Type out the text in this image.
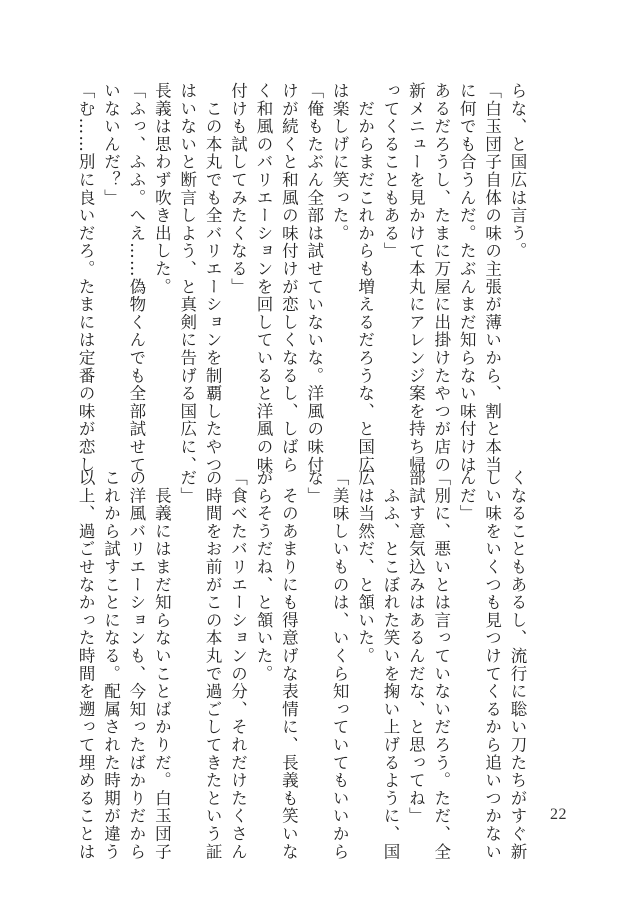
らな、と国広は言う。
「白玉団子自体の味の主張が薄いから、割と本当
に何でも合うんだ。たぶんまだ知らない味付けは
あるだろうし、たまに万屋に出掛けたやつが店の
新メニューを見かけて本丸にアレンジ案を持ち帰
ってくることもある」
　だからまだこれからも増えるだろうな、と国広
は楽しげに笑った。
「俺もたぶん全部は試せていないな。洋風の味付
けが続くと和風の味付けが恋しくなるし、しばら
く和風のバリエーションを回していると洋風の味
付けも試してみたくなる」
　この本丸でも全バリエーションを制覇したやつ
はいないと断言しよう、と真剣に告げる国広に、
長義は思わず吹き出した。
「ふっ、ふふ。へえ……偽物くんでも全部試せて
いないんだ？」
「む……別に良いだろ。たまには定番の味が恋し
くなることもあるし、流行に聡い刀たちがすぐ新
しい味をいくつも見つけてくるから追いつかない
んだ」
「別に、悪いとは言っていないだろう。ただ、全
部試す意気込みはあるんだな、と思ってね」
　ふふ、とこぼれた笑いを掬い上げるように、国
広は当然だ、と頷いた。
「美味しいものは、いくら知っていてもいいから
な」
　そのあまりにも得意げな表情に、長義も笑いな
がらそうだね、と頷いた。
「食べたバリエーションの分、それだけたくさん
の時間をお前がこの本丸で過ごしてきたという証
だ」
　長義にはまだ知らないことばかりだ。白玉団子
の洋風バリエーションも、今知ったばかりだから
これから試すことになる。配属された時期が違う
以上、過ごせなかった時間を遡って埋めることは	22
